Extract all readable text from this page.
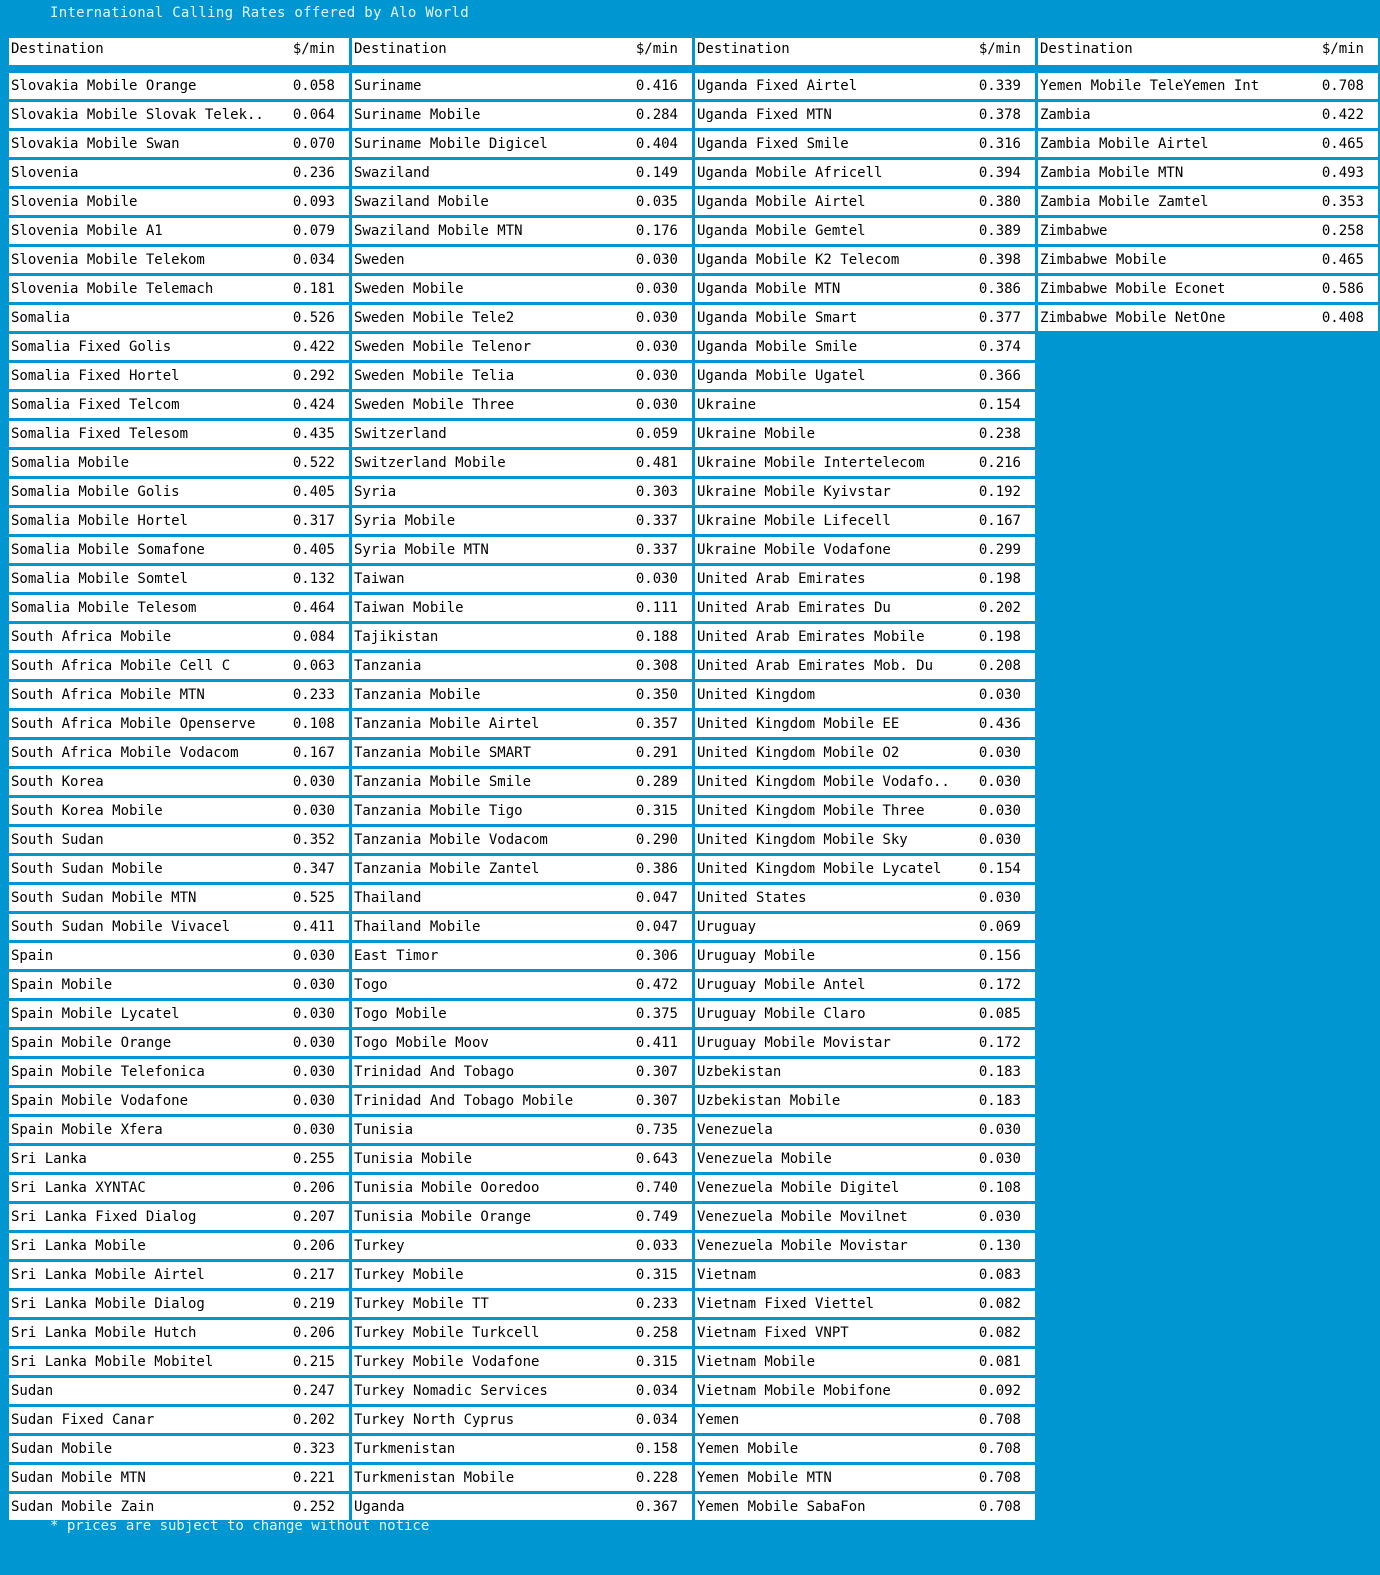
International Calling Rates offered by Alo World
Destination	$/min
Slovakia Mobile Orange	0.058
Slovakia Mobile Slovak Telek.. 0.064
Slovakia Mobile Swan	0.070
Slovenia	0.236
Slovenia Mobile	0.093
Slovenia Mobile A1	0.079
Slovenia Mobile Telekom	0.034
Slovenia Mobile Telemach	0.181
Somalia	0.526
Somalia Fixed Golis	0.422
Somalia Fixed Hortel	0.292
Somalia Fixed Telcom	0.424
Somalia Fixed Telesom	0.435
Somalia Mobile	0.522
Somalia Mobile Golis	0.405
Somalia Mobile Hortel	0.317
Somalia Mobile Somafone	0.405
Somalia Mobile Somtel	0.132
Somalia Mobile Telesom	0.464
South Africa Mobile	0.084
South Africa Mobile Cell C	0.063
South Africa Mobile MTN	0.233
South Africa Mobile Openserve	0.108
South Africa Mobile Vodacom	0.167
South Korea	0.030
South Korea Mobile	0.030
South Sudan	0.352
South Sudan Mobile	0.347
South Sudan Mobile MTN	0.525
South Sudan Mobile Vivacel	0.411
Spain	0.030
Spain Mobile	0.030
Spain Mobile Lycatel	0.030
Spain Mobile Orange	0.030
Spain Mobile Telefonica	0.030
Spain Mobile Vodafone	0.030
Spain Mobile Xfera	0.030
Sri Lanka	0.255
Sri Lanka XYNTAC	0.206
Sri Lanka Fixed Dialog	0.207
Sri Lanka Mobile	0.206
Sri Lanka Mobile Airtel	0.217
Sri Lanka Mobile Dialog	0.219
Sri Lanka Mobile Hutch	0.206
Sri Lanka Mobile Mobitel	0.215
Sudan	0.247
Sudan Fixed Canar	0.202
Sudan Mobile	0.323
Sudan Mobile MTN	0.221
Sudan Mobile Zain	0.252
Destination	$/min
Suriname	0.416
Suriname Mobile	0.284
Suriname Mobile Digicel	0.404
Swaziland	0.149
Swaziland Mobile	0.035
Swaziland Mobile MTN	0.176
Sweden	0.030
Sweden Mobile	0.030
Sweden Mobile Tele2	0.030
Sweden Mobile Telenor	0.030
Sweden Mobile Telia	0.030
Sweden Mobile Three	0.030
Switzerland	0.059
Switzerland Mobile	0.481
Syria	0.303
Syria Mobile	0.337
Syria Mobile MTN	0.337
Taiwan	0.030
Taiwan Mobile	0.111
Tajikistan	0.188
Tanzania	0.308
Tanzania Mobile	0.350
Tanzania Mobile Airtel	0.357
Tanzania Mobile SMART	0.291
Tanzania Mobile Smile	0.289
Tanzania Mobile Tigo	0.315
Tanzania Mobile Vodacom	0.290
Tanzania Mobile Zantel	0.386
Thailand	0.047
Thailand Mobile	0.047
East Timor	0.306
Togo	0.472
Togo Mobile	0.375
Togo Mobile Moov	0.411
Trinidad And Tobago	0.307
Trinidad And Tobago Mobile	0.307
Tunisia	0.735
Tunisia Mobile	0.643
Tunisia Mobile Ooredoo	0.740
Tunisia Mobile Orange	0.749
Turkey	0.033
Turkey Mobile	0.315
Turkey Mobile TT	0.233
Turkey Mobile Turkcell	0.258
Turkey Mobile Vodafone	0.315
Turkey Nomadic Services	0.034
Turkey North Cyprus	0.034
Turkmenistan	0.158
Turkmenistan Mobile	0.228
Uganda	0.367
Destination	$/min
Uganda Fixed Airtel	0.339
Uganda Fixed MTN	0.378
Uganda Fixed Smile	0.316
Uganda Mobile Africell	0.394
Uganda Mobile Airtel	0.380
Uganda Mobile Gemtel	0.389
Uganda Mobile K2 Telecom	0.398
Uganda Mobile MTN	0.386
Uganda Mobile Smart	0.377
Uganda Mobile Smile	0.374
Uganda Mobile Ugatel	0.366
Ukraine	0.154
Ukraine Mobile	0.238
Ukraine Mobile Intertelecom	0.216
Ukraine Mobile Kyivstar	0.192
Ukraine Mobile Lifecell	0.167
Ukraine Mobile Vodafone	0.299
United Arab Emirates	0.198
United Arab Emirates Du	0.202
United Arab Emirates Mobile	0.198
United Arab Emirates Mob. Du	0.208
United Kingdom	0.030
United Kingdom Mobile EE	0.436
United Kingdom Mobile O2	0.030
United Kingdom Mobile Vodafo.. 0.030
United Kingdom Mobile Three	0.030
United Kingdom Mobile Sky	0.030
United Kingdom Mobile Lycatel	0.154
United States	0.030
Uruguay	0.069
Uruguay Mobile	0.156
Uruguay Mobile Antel	0.172
Uruguay Mobile Claro	0.085
Uruguay Mobile Movistar	0.172
Uzbekistan	0.183
Uzbekistan Mobile	0.183
Venezuela	0.030
Venezuela Mobile	0.030
Venezuela Mobile Digitel	0.108
Venezuela Mobile Movilnet	0.030
Venezuela Mobile Movistar	0.130
Vietnam	0.083
Vietnam Fixed Viettel	0.082
Vietnam Fixed VNPT	0.082
Vietnam Mobile	0.081
Vietnam Mobile Mobifone	0.092
Yemen	0.708
Yemen Mobile	0.708
Yemen Mobile MTN	0.708
Yemen Mobile SabaFon	0.708
Destination	$/min
Yemen Mobile TeleYemen Int	0.708
Zambia	0.422
Zambia Mobile Airtel	0.465
Zambia Mobile MTN	0.493
Zambia Mobile Zamtel	0.353
Zimbabwe	0.258
Zimbabwe Mobile	0.465
Zimbabwe Mobile Econet	0.586
Zimbabwe Mobile NetOne	0.408
* prices are subject to change without notice
